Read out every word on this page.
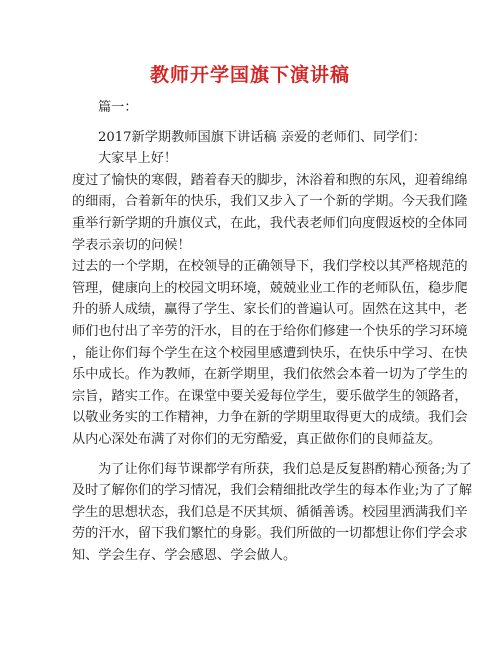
教师开学国旗下演讲稿
篇一：
2017新学期教师国旗下讲话稿 亲爱的老师们、同学们：
大家早上好！
度过了愉快的寒假，踏着春天的脚步，沐浴着和煦的东风，迎着绵绵
的细雨，合着新年的快乐，我们又步入了一个新的学期。今天我们隆
重举行新学期的升旗仪式，在此，我代表老师们向度假返校的全体同
学表示亲切的问候！
过去的一个学期，在校领导的正确领导下，我们学校以其严格规范的
管理，健康向上的校园文明环境，兢兢业业工作的老师队伍，稳步爬
升的骄人成绩，赢得了学生、家长们的普遍认可。固然在这其中，老
师们也付出了辛劳的汗水，目的在于给你们修建一个快乐的学习环境
，能让你们每个学生在这个校园里感遭到快乐，在快乐中学习、在快
乐中成长。作为教师，在新学期里，我们依然会本着一切为了学生的
宗旨，踏实工作。在课堂中要关爱每位学生，要乐做学生的领路者，
以敬业务实的工作精神，力争在新的学期里取得更大的成绩。我们会
从内心深处布满了对你们的无穷酷爱，真正做你们的良师益友。
为了让你们每节课都学有所获，我们总是反复斟酌精心预备;为了
及时了解你们的学习情况，我们会精细批改学生的每本作业;为了了解
学生的思想状态，我们总是不厌其烦、循循善诱。校园里洒满我们辛
劳的汗水，留下我们繁忙的身影。我们所做的一切都想让你们学会求
知、学会生存、学会感恩、学会做人。
